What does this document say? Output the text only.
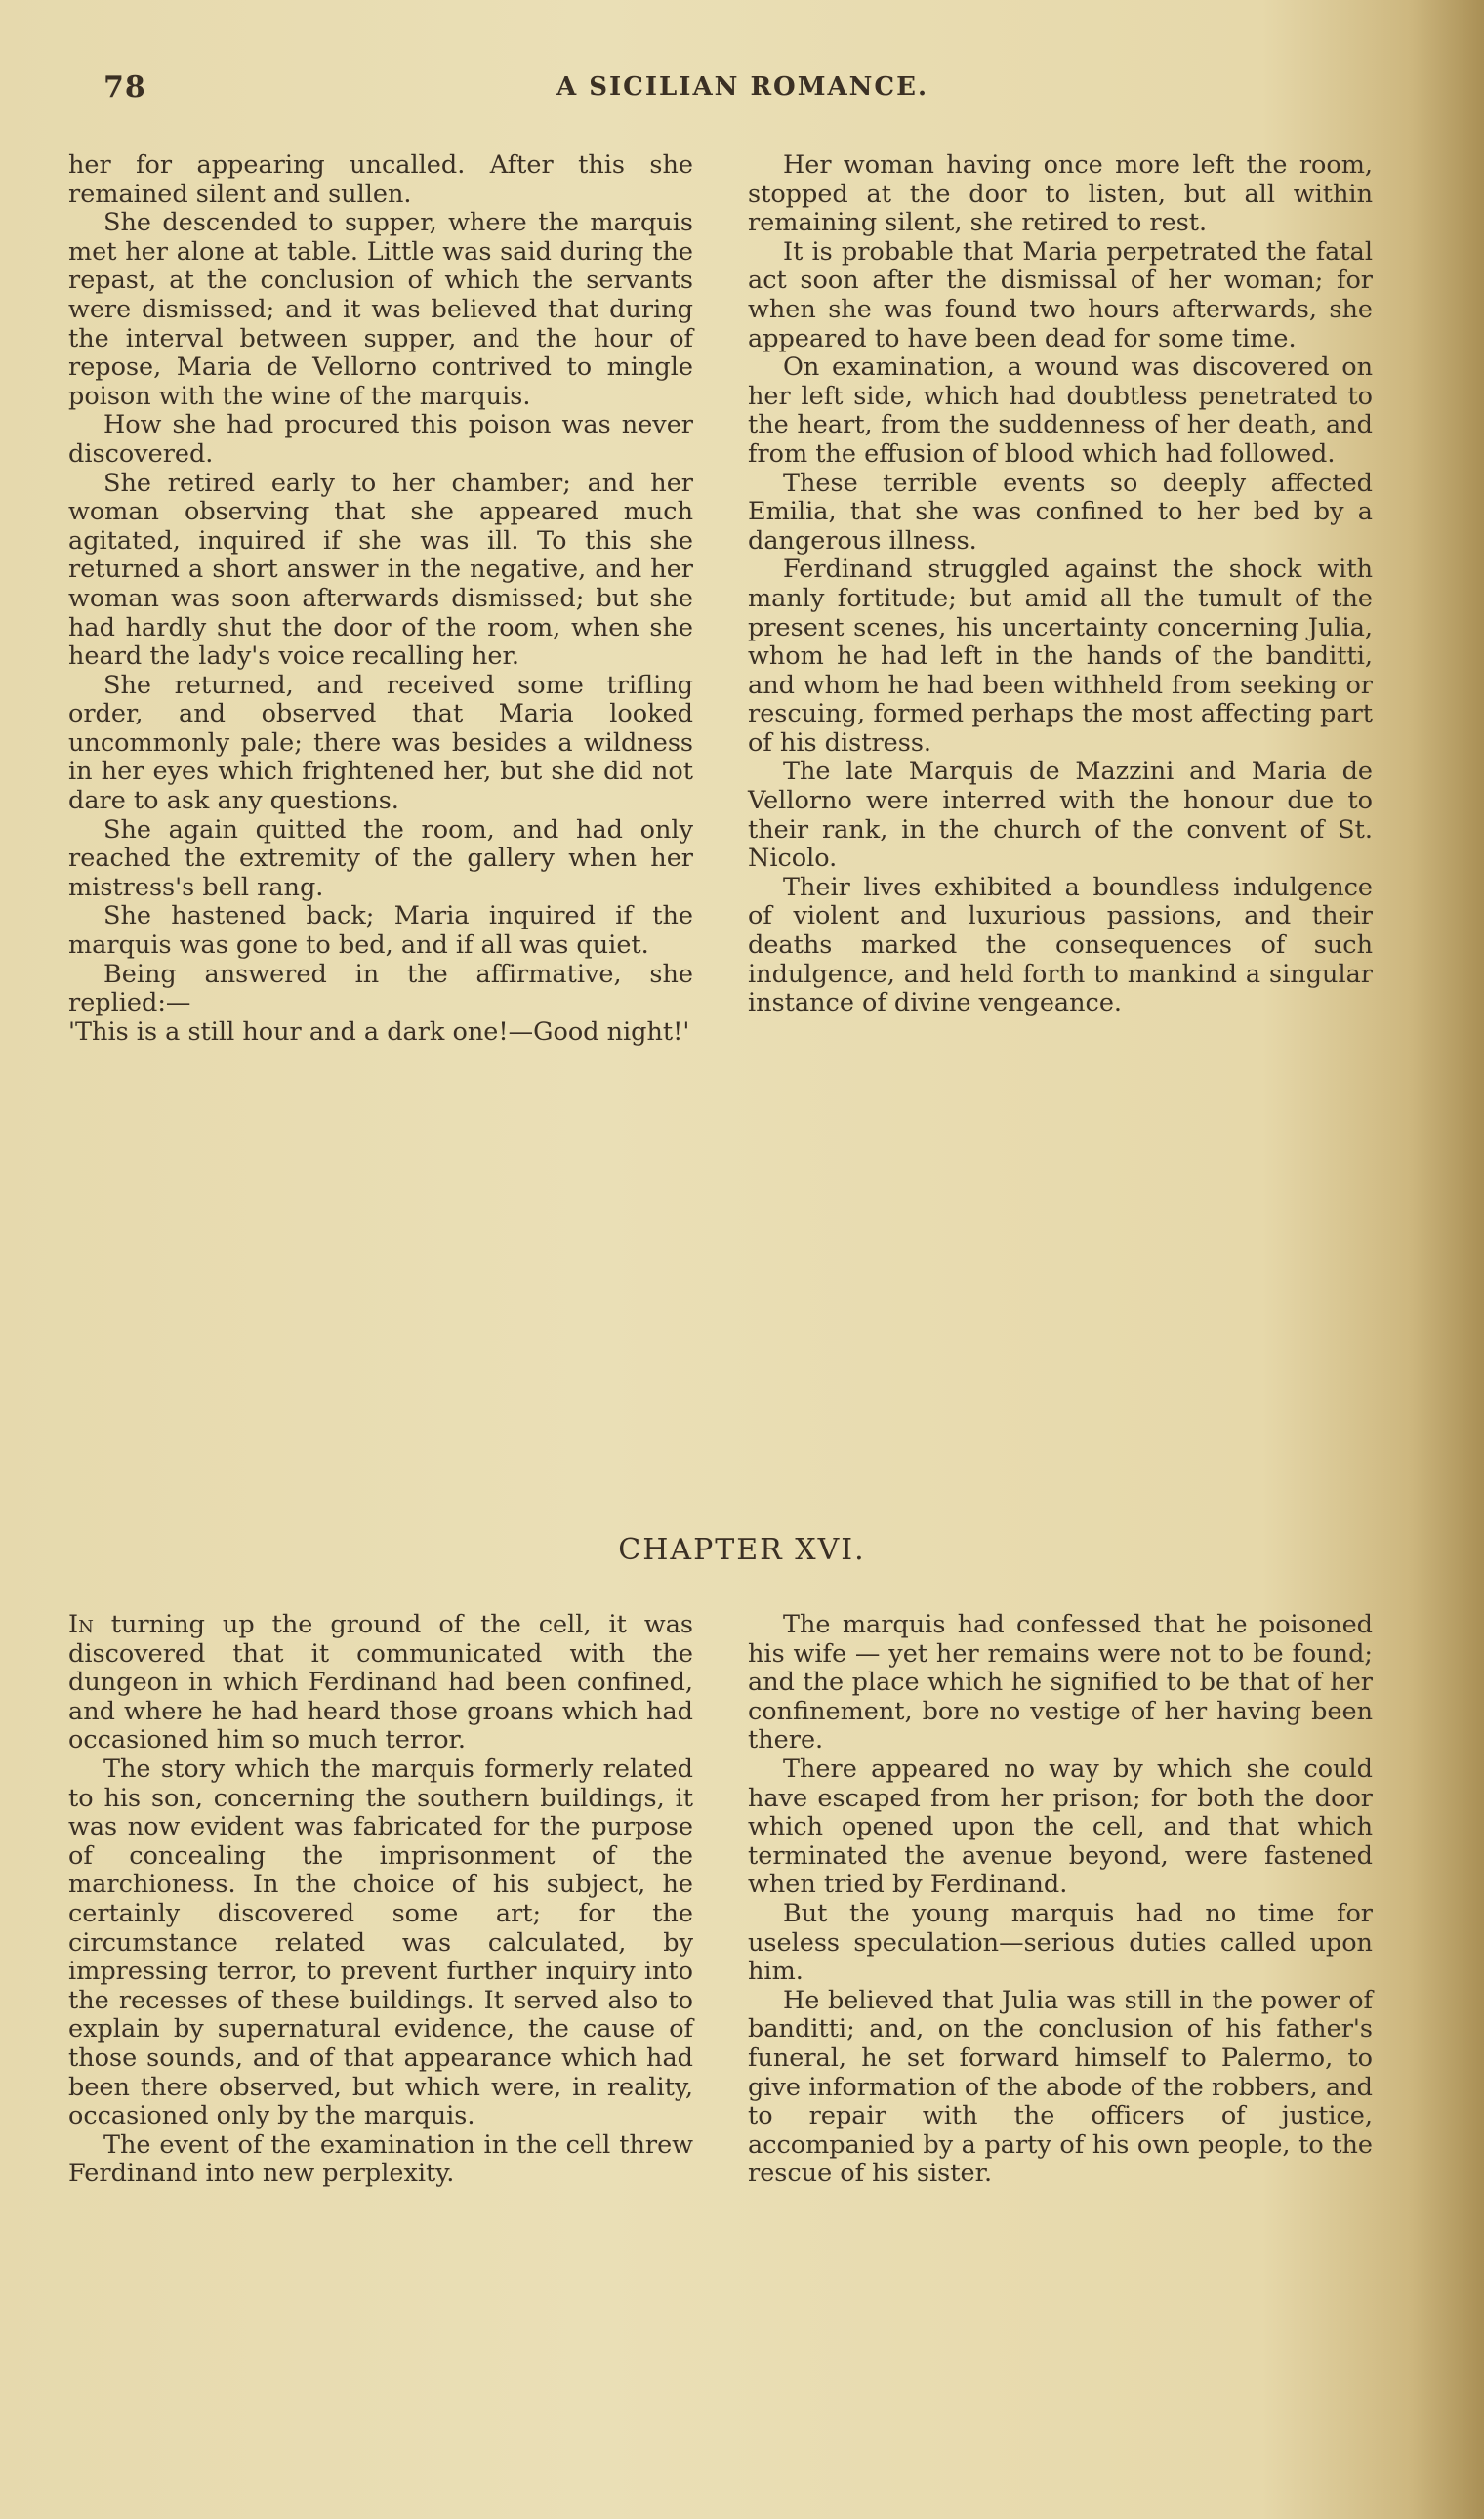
78	A SICILIAN ROMANCE.

her for appearing uncalled. After this she remained silent and sullen.

She descended to supper, where the marquis met her alone at table. Little was said during the repast, at the conclusion of which the servants were dismissed; and it was believed that during the interval between supper, and the hour of repose, Maria de Vellorno contrived to mingle poison with the wine of the marquis.

How she had procured this poison was never discovered.

She retired early to her chamber; and her woman observing that she appeared much agitated, inquired if she was ill. To this she returned a short answer in the negative, and her woman was soon afterwards dismissed; but she had hardly shut the door of the room, when she heard the lady's voice recalling her.

She returned, and received some trifling order, and observed that Maria looked uncommonly pale; there was besides a wildness in her eyes which frightened her, but she did not dare to ask any questions.

She again quitted the room, and had only reached the extremity of the gallery when her mistress's bell rang.

She hastened back; Maria inquired if the marquis was gone to bed, and if all was quiet.

Being answered in the affirmative, she replied:—

'This is a still hour and a dark one!—Good night!'

Her woman having once more left the room, stopped at the door to listen, but all within remaining silent, she retired to rest.

It is probable that Maria perpetrated the fatal act soon after the dismissal of her woman; for when she was found two hours afterwards, she appeared to have been dead for some time.

On examination, a wound was discovered on her left side, which had doubtless penetrated to the heart, from the suddenness of her death, and from the effusion of blood which had followed.

These terrible events so deeply affected Emilia, that she was confined to her bed by a dangerous illness.

Ferdinand struggled against the shock with manly fortitude; but amid all the tumult of the present scenes, his uncertainty concerning Julia, whom he had left in the hands of the banditti, and whom he had been withheld from seeking or rescuing, formed perhaps the most affecting part of his distress.

The late Marquis de Mazzini and Maria de Vellorno were interred with the honour due to their rank, in the church of the convent of St. Nicolo.

Their lives exhibited a boundless indulgence of violent and luxurious passions, and their deaths marked the consequences of such indulgence, and held forth to mankind a singular instance of divine vengeance.

CHAPTER XVI.

In turning up the ground of the cell, it was discovered that it communicated with the dungeon in which Ferdinand had been confined, and where he had heard those groans which had occasioned him so much terror.

The story which the marquis formerly related to his son, concerning the southern buildings, it was now evident was fabricated for the purpose of concealing the imprisonment of the marchioness. In the choice of his subject, he certainly discovered some art; for the circumstance related was calculated, by impressing terror, to prevent further inquiry into the recesses of these buildings. It served also to explain by supernatural evidence, the cause of those sounds, and of that appearance which had been there observed, but which were, in reality, occasioned only by the marquis.

The event of the examination in the cell threw Ferdinand into new perplexity.

The marquis had confessed that he poisoned his wife — yet her remains were not to be found; and the place which he signified to be that of her confinement, bore no vestige of her having been there.

There appeared no way by which she could have escaped from her prison; for both the door which opened upon the cell, and that which terminated the avenue beyond, were fastened when tried by Ferdinand.

But the young marquis had no time for useless speculation—serious duties called upon him.

He believed that Julia was still in the power of banditti; and, on the conclusion of his father's funeral, he set forward himself to Palermo, to give information of the abode of the robbers, and to repair with the officers of justice, accompanied by a party of his own people, to the rescue of his sister.
